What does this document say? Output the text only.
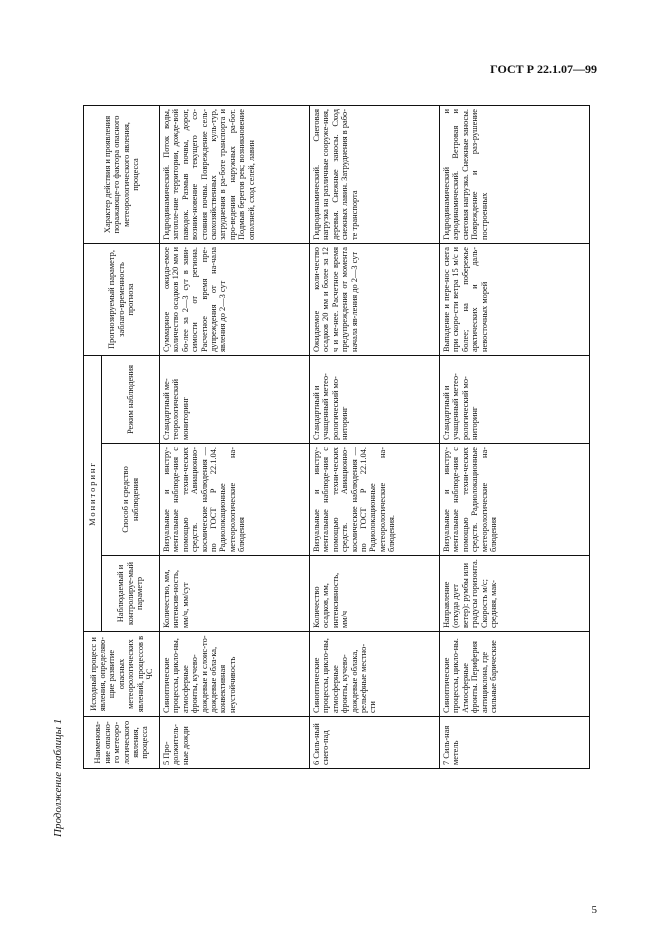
ГОСТ Р 22.1.07—99
Продолжение таблицы 1	Наименова-ние опасно-го метеоро-логического явления, процесса	Исходный процесс и явления, определяю-щие развитие опасных метеорологических явлений, процессов в ЧС	Мониторинг			Прогнозируемый параметр, заблаго-временность прогноза	Характер действия и проявления поражающе-го фактора опасного метеорологического явления, процесса
		Наблюдаемый и контролируе-мый параметр	Способ и средство наблюдения	Режим наблюдения		
5 Про-должитель-ные дожди	Синоптические процессы, цикло-ны, атмосферные фронты, кучево-дождевые и слоис-то-дождевые обла-ка, конвективная неустойчивость	Количество, мм, интенсив-ность, мм/ч, мм/сут	Визуальные и инстру-ментальные наблюде-ния с помощью техни-ческих средств. Авиационно-космические наблюдения — по ГОСТ Р 22.1.04. Радиолокационные метеорологические на-блюдения	Стандартный ме-теорологический мониторинг	Суммарное ожида-емое количество осадков 120 мм и бо-лее за 2—3 сут в зави-симости от региона. Расчетное время пре-дупреждения от на-чала явления до 2—3 сут	Гидродинамический. Поток воды, затопле-ние территории, дожде-вой паводок. Размыв почвы, дорог, возник-новение текущего со-стояния почвы. Повреждение сель-скохозяйственных куль-тур, затруднения в ра-боте транспорта и про-ведении наружных ра-бот. Подмыв берегов рек; возникновение оползней, сход селей, лавин
6 Силь-ный снего-пад	Синоптические процессы, цикло-ны, атмосферные фронты, кучево-дождевые облака, рельефные местно-сти	Количество осадков, мм, интенсивность, мм/ч	Визуальные и инстру-ментальные наблюде-ния с помощью техни-ческих средств. Авиационно-космические наблюдения — по ГОСТ Р 22.1.04. Радиолокационные метеорологические на-блюдения.	Стандартный и учащенный метео-рологический мо-ниторинг	Ожидаемое коли-чество осадков 20 мм и более за 12 ч и ме-нее. Расчетное время предупреждения от момента начала яв-ления до 2—3 сут	Гидродинамический. Снеговая нагрузка на различные сооруже-ния, деревья. Снежные заносы. Сход снежных лавин. Затруднения в рабо-те транспорта
7 Силь-ная метель	Синоптические процессы, цикло-ны. Атмосферные фронты. Периферия антициклона, где сильные барические	Направление (откуда дует ветер): румбы или градусы горизонта. Скорость м/с; средняя, мак-	Визуальные и инстру-ментальные наблюде-ния с помощью техни-ческих средств. Радиолокационные метеорологические на-блюдения	Стандартный и учащенный метео-рологический мо-ниторинг	Выпадение и пере-нос снега при скоро-сти ветра 15 м/с и более; на побережье арктических и даль-невосточных морей	Гидродинамический и аэродинамический. Ветровая и снеговая нагрузка. Снежные заносы. Повреждение и раз-рушение построенных
5
